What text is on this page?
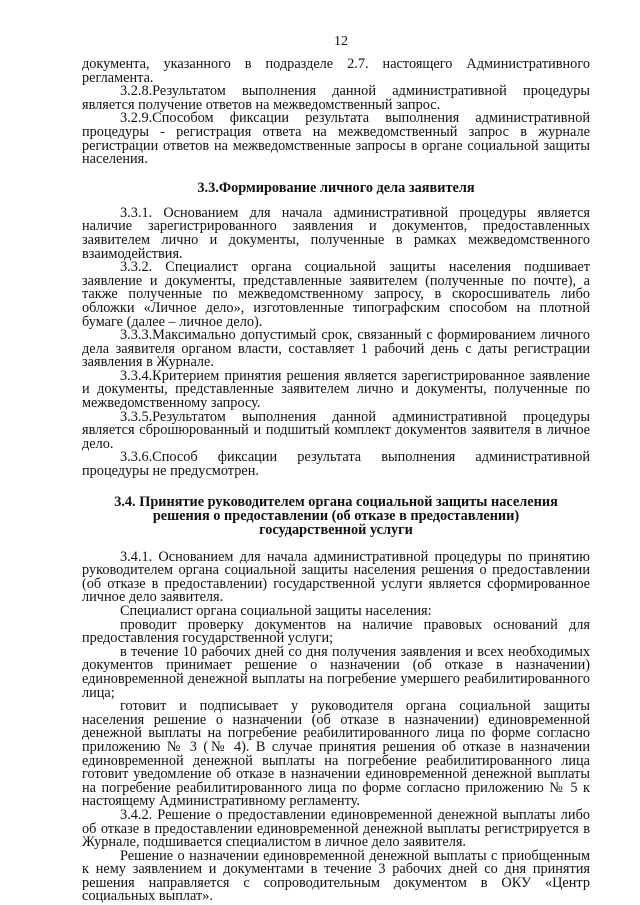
12

документа, указанного в подразделе 2.7. настоящего Административного регламента.

3.2.8.Результатом выполнения данной административной процедуры является получение ответов на межведомственный запрос.

3.2.9.Способом фиксации результата выполнения административной процедуры - регистрация ответа на межведомственный запрос в журнале регистрации ответов на межведомственные запросы в органе социальной защиты населения.

3.3.Формирование личного дела заявителя

3.3.1. Основанием для начала административной процедуры является наличие зарегистрированного заявления и документов, предоставленных заявителем лично и документы, полученные в рамках межведомственного взаимодействия.

3.3.2. Специалист органа социальной защиты населения подшивает заявление и документы, представленные заявителем (полученные по почте), а также полученные по межведомственному запросу, в скоросшиватель либо обложки «Личное дело», изготовленные типографским способом на плотной бумаге (далее – личное дело).

3.3.3.Максимально допустимый срок, связанный с формированием личного дела заявителя органом власти, составляет 1 рабочий день с даты регистрации заявления в Журнале.

3.3.4.Критерием принятия решения является зарегистрированное заявление и документы, представленные заявителем лично и документы, полученные по межведомственному запросу.

3.3.5.Результатом выполнения данной административной процедуры является сброшюрованный и подшитый комплект документов заявителя в личное дело.

3.3.6.Способ фиксации результата выполнения административной процедуры не предусмотрен.

3.4. Принятие руководителем органа социальной защиты населения
решения о предоставлении (об отказе в предоставлении)
государственной услуги

3.4.1. Основанием для начала административной процедуры по принятию руководителем органа социальной защиты населения решения о предоставлении (об отказе в предоставлении) государственной услуги является сформированное личное дело заявителя.

Специалист органа социальной защиты населения:

проводит проверку документов на наличие правовых оснований для предоставления государственной услуги;

в течение 10 рабочих дней со дня получения заявления и всех необходимых документов принимает решение о назначении (об отказе в назначении) единовременной денежной выплаты на погребение умершего реабилитированного лица;

готовит и подписывает у руководителя органа социальной защиты населения решение о назначении (об отказе в назначении) единовременной денежной выплаты на погребение реабилитированного лица по форме согласно приложению № 3 (№ 4). В случае принятия решения об отказе в назначении единовременной денежной выплаты на погребение реабилитированного лица готовит уведомление об отказе в назначении единовременной денежной выплаты на погребение реабилитированного лица по форме согласно приложению № 5 к настоящему Административному регламенту.

3.4.2. Решение о предоставлении единовременной денежной выплаты либо об отказе в предоставлении единовременной денежной выплаты регистрируется в Журнале, подшивается специалистом в личное дело заявителя.

Решение о назначении единовременной денежной выплаты с приобщенным к нему заявлением и документами в течение 3 рабочих дней со дня принятия решения направляется с сопроводительным документом в ОКУ «Центр социальных выплат».
